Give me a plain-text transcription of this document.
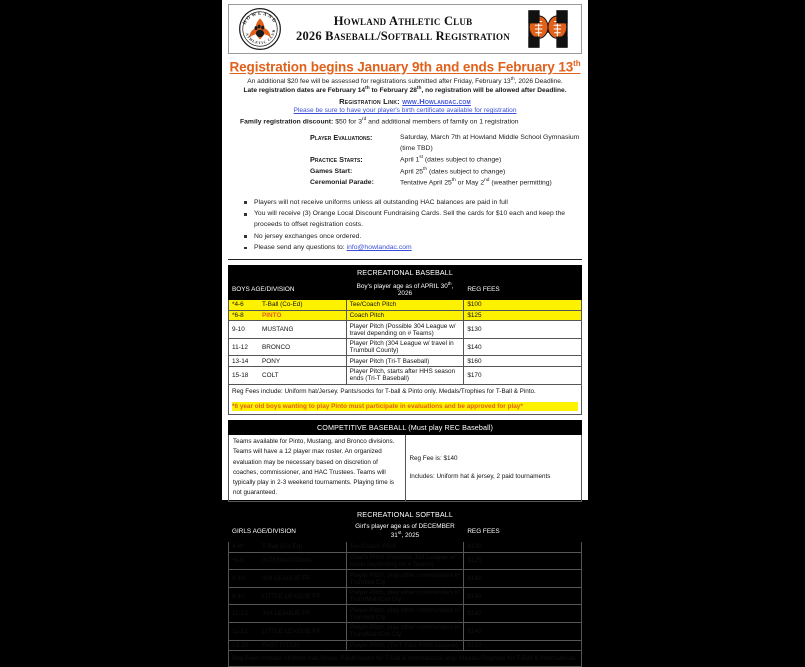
HOWLAND
ATHLETIC CLUB
Howland Athletic Club
2026 Baseball/Softball Registration
Registration begins January 9th and ends February 13th
An additional $20 fee will be assessed for registrations submitted after Friday, February 13th, 2026 Deadline.
Late registration dates are February 14th to February 28th, no registration will be allowed after Deadline.
Registration Link: www.Howlandac.com
Please be sure to have your player's birth certificate available for registration
Family registration discount: $50 for 3rd and additional members of family on 1 registration
Player Evaluations:	Saturday, March 7th at Howland Middle School Gymnasium (time TBD)
Practice Starts:	April 1st (dates subject to change)
Games Start:	April 25th (dates subject to change)
Ceremonial Parade:	Tentative April 25th or May 2nd (weather permitting)
Players will not receive uniforms unless all outstanding HAC balances are paid in full
You will receive (3) Orange Local Discount Fundraising Cards. Sell the cards for $10 each and keep the proceeds to offset registration costs.
No jersey exchanges once ordered.
Please send any questions to: info@howlandac.com
RECREATIONAL BASEBALL		
BOYS AGE/DIVISION	Boy's player age as of APRIL 30th, 2026	REG FEES

*4-6 T-Ball (Co-Ed)	Tee/Coach Pitch	$100

*6-8 PINTO	Coach Pitch	$125

9-10 MUSTANG	Player Pitch (Possible 304 League w/ travel depending on # Teams)	$130

11-12 BRONCO	Player Pitch (304 League w/ travel in Trumbull County)	$140

13-14 PONY	Player Pitch (Tri-T Baseball)	$160

15-18 COLT	Player Pitch, starts after HHS season ends (Tri-T Baseball)	$170

Reg Fees include: Uniform hat/Jersey. Pants/socks for T-ball & Pinto only. Medals/Trophies for T-Ball & Pinto.
*6 year old boys wanting to play Pinto must participate in evaluations and be approved for play*		
COMPETITIVE BASEBALL (Must play REC Baseball)
Teams available for Pinto, Mustang, and Bronco divisions. Teams will have a 12 player max roster. An organized evaluation may be necessary based on discretion of coaches, commissioner, and HAC Trustees. Teams will typically play in 2-3 weekend tournaments. Playing time is not guaranteed.	
Reg Fee is: $140
Includes: Uniform hat & jersey, 2 paid tournaments
RECREATIONAL SOFTBALL		
GIRLS AGE/DIVISION	Girl's player age as of DECEMBER 31st, 2025	REG FEES

4-6* T-Ball (Co-Ed)	Tee/Coach Pitch	$100

*6-8 INTERNATIONAL	Coach Pitch (Possible 304 League w/ travel depending on # Teams)	$125

9-10 304 LEAGUE FP	Player Pitch, play other communities in Trumbull Cty	$140

9-10 LITTLE LEAGUE FP	Player Pitch, play other communities in Trum/Mah/Col Cty	$140

11-12 304 LEAGUE FP	Player Pitch, play other communities in Trumbull Cty	$140

11-12 LITTLE LEAGUE FP	Player Pitch, play other communities in Trum/Mah/Col Cty	$140

13-15 FAST PITCH	Player Pitch, (Tri-T Fast Pitch League)	$150
Reg Fees include: Uniform hat/Jersey. Pants/socks for T-ball & International only. Medals/Trophies for T-Ball & International.		
